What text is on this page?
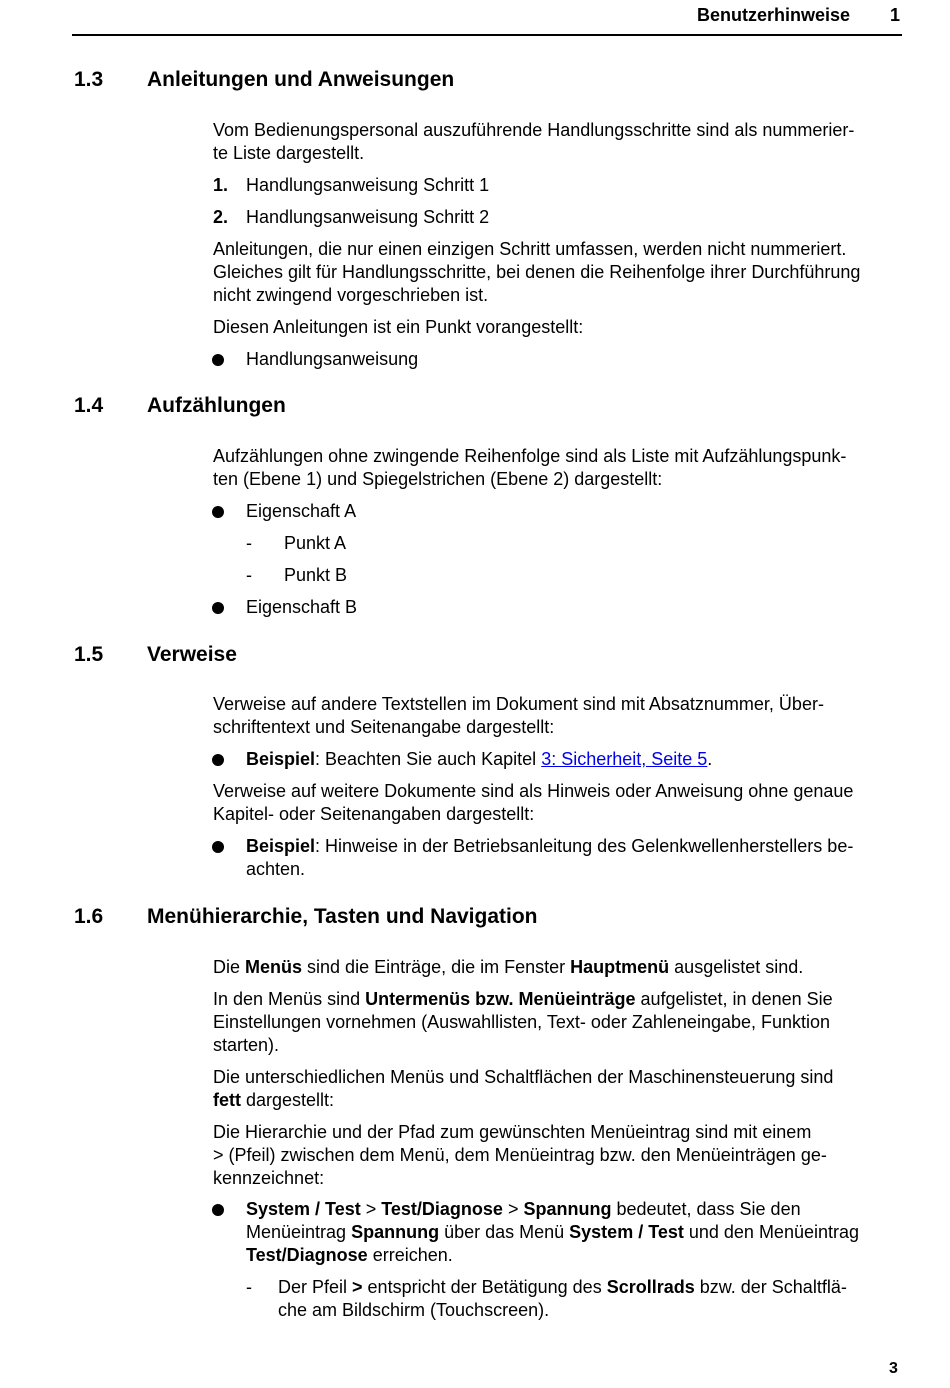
Benutzerhinweise 1
1.3 Anleitungen und Anweisungen

Vom Bedienungspersonal auszuführende Handlungsschritte sind als nummerier-
te Liste dargestellt.

1. Handlungsanweisung Schritt 1

2. Handlungsanweisung Schritt 2

Anleitungen, die nur einen einzigen Schritt umfassen, werden nicht nummeriert.
Gleiches gilt für Handlungsschritte, bei denen die Reihenfolge ihrer Durchführung
nicht zwingend vorgeschrieben ist.

Diesen Anleitungen ist ein Punkt vorangestellt:

Handlungsanweisung

1.4 Aufzählungen

Aufzählungen ohne zwingende Reihenfolge sind als Liste mit Aufzählungspunk-
ten (Ebene 1) und Spiegelstrichen (Ebene 2) dargestellt:

Eigenschaft A

- Punkt A

- Punkt B

Eigenschaft B

1.5 Verweise

Verweise auf andere Textstellen im Dokument sind mit Absatznummer, Über-
schriftentext und Seitenangabe dargestellt:

Beispiel: Beachten Sie auch Kapitel 3: Sicherheit, Seite 5.

Verweise auf weitere Dokumente sind als Hinweis oder Anweisung ohne genaue
Kapitel- oder Seitenangaben dargestellt:

Beispiel: Hinweise in der Betriebsanleitung des Gelenkwellenherstellers be-
achten.

1.6 Menühierarchie, Tasten und Navigation

Die Menüs sind die Einträge, die im Fenster Hauptmenü ausgelistet sind.

In den Menüs sind Untermenüs bzw. Menüeinträge aufgelistet, in denen Sie
Einstellungen vornehmen (Auswahllisten, Text- oder Zahleneingabe, Funktion
starten).

Die unterschiedlichen Menüs und Schaltflächen der Maschinensteuerung sind
fett dargestellt:

Die Hierarchie und der Pfad zum gewünschten Menüeintrag sind mit einem
> (Pfeil) zwischen dem Menü, dem Menüeintrag bzw. den Menüeinträgen ge-
kennzeichnet:

System / Test > Test/Diagnose > Spannung bedeutet, dass Sie den
Menüeintrag Spannung über das Menü System / Test und den Menüeintrag
Test/Diagnose erreichen.

- Der Pfeil > entspricht der Betätigung des Scrollrads bzw. der Schaltflä-
che am Bildschirm (Touchscreen).

3
